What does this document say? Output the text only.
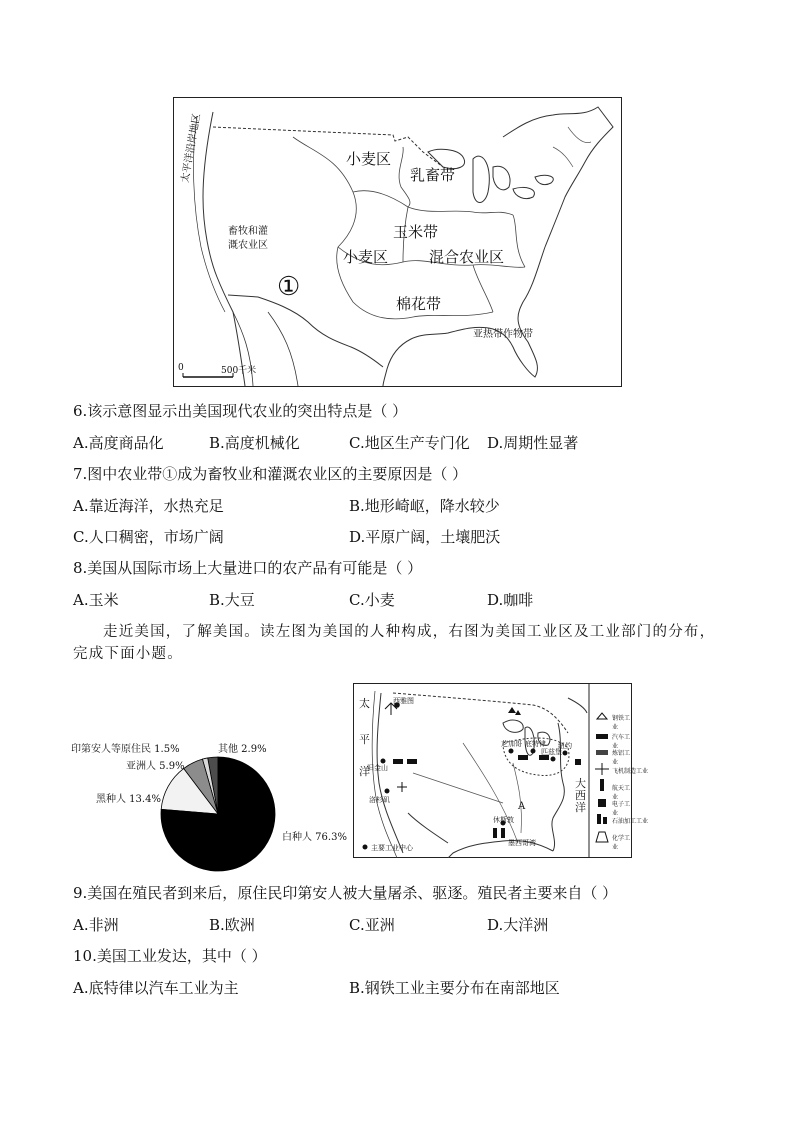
小麦区
乳畜带
玉米带
小麦区	混合农业区
棉花带
畜牧和灌
溉农业区
①
亚热带作物带
太平洋沿岸地区
0	500千米
6.该示意图显示出美国现代农业的突出特点是（ ）
A.高度商品化	B.高度机械化	C.地区生产专门化 D.周期性显著
7.图中农业带①成为畜牧业和灌溉农业区的主要原因是（ ）
A.靠近海洋，水热充足	B.地形崎岖，降水较少
C.人口稠密，市场广阔	D.平原广阔，土壤肥沃
8.美国从国际市场上大量进口的农产品有可能是（ ）
A.玉米	B.大豆	C.小麦	D.咖啡
走近美国，了解美国。读左图为美国的人种构成，右图为美国工业区及工业部门的分布，完成下面小题。
印第安人等原住民 1.5%	其他 2.9%
亚洲人 5.9%
黑种人 13.4%
白种人 76.3%
太
平
洋
大
西
洋
西雅图
芝加哥 底特律
匹兹堡
纽约
旧金山
洛杉矶
休斯敦
墨西哥湾
A
主要工业中心
钢铁工业
汽车工业
炼铝工业
飞机制造工业
航天工业
电子工业
石油加工工业
化学工业
9.美国在殖民者到来后，原住民印第安人被大量屠杀、驱逐。殖民者主要来自（ ）
A.非洲	B.欧洲	C.亚洲	D.大洋洲
10.美国工业发达，其中（ ）
A.底特律以汽车工业为主	B.钢铁工业主要分布在南部地区
